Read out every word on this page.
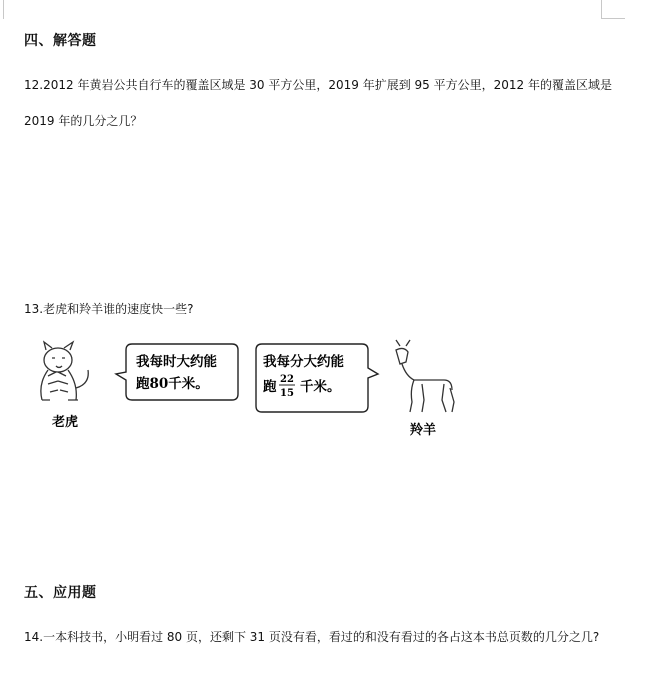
四、解答题
12.2012 年黄岩公共自行车的覆盖区域是 30 平方公里，2019 年扩展到 95 平方公里，2012 年的覆盖区域是
2019 年的几分之几？
13.老虎和羚羊谁的速度快一些?
老虎
我每时大约能
跑80千米。
我每分大约能
跑 22
15 千米。
羚羊
五、应用题
14.一本科技书，小明看过 80 页，还剩下 31 页没有看，看过的和没有看过的各占这本书总页数的几分之几?
